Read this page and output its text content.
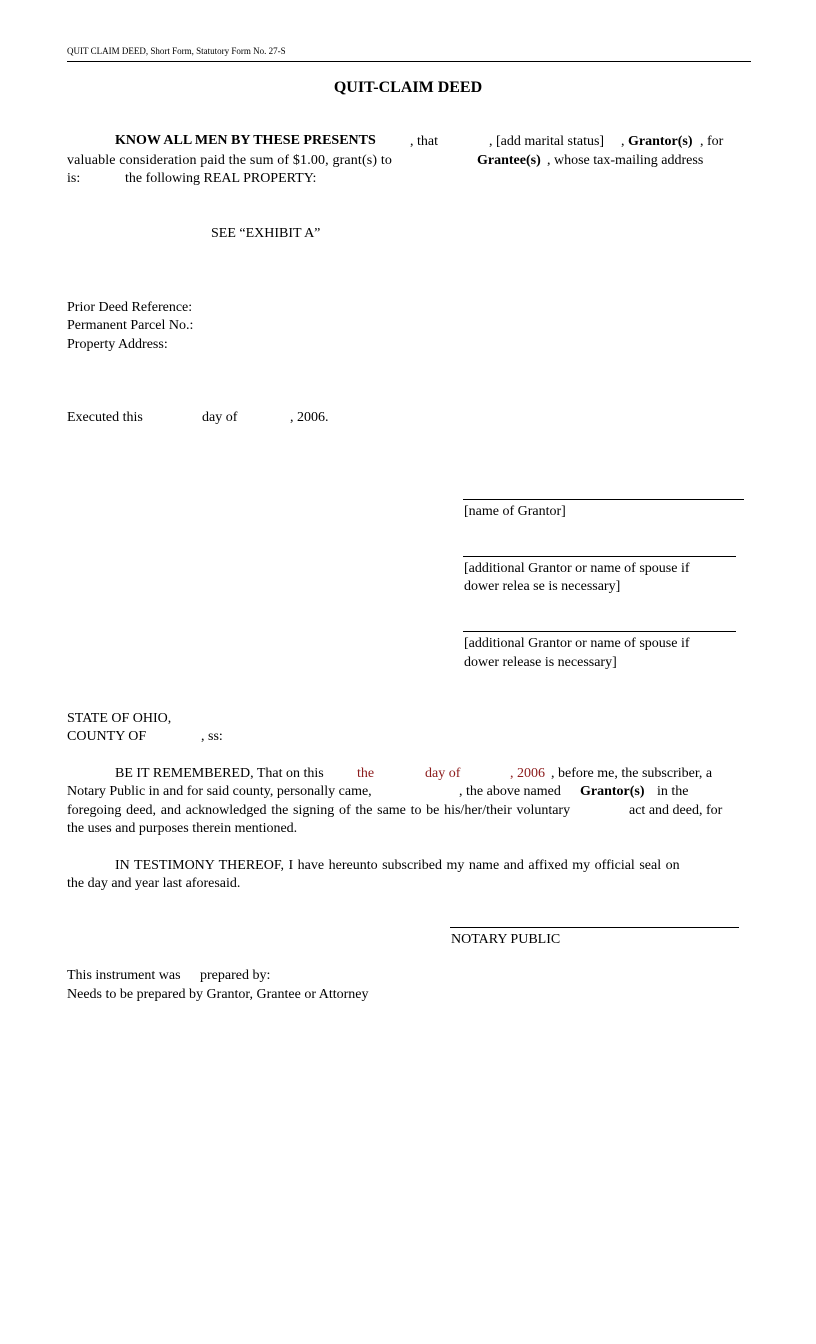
QUIT CLAIM DEED, Short Form, Statutory Form No. 27-S
QUIT-CLAIM DEED
KNOW ALL MEN BY THESE PRESENTS , that	, [add marital status] , Grantor(s) , for
valuable consideration paid the sum of $1.00, grant(s) to	Grantee(s) , whose tax-mailing address
is:	the following REAL PROPERTY:
SEE “EXHIBIT A”
Prior Deed Reference:
Permanent Parcel No.:
Property Address:
Executed this	day of	, 2006.
[name of Grantor]
[additional Grantor or name of spouse if
dower relea se is necessary]
[additional Grantor or name of spouse if
dower release is necessary]
STATE OF OHIO,
COUNTY OF	, ss:
BE IT REMEMBERED, That on this the	day of	, 2006 , before me, the subscriber, a
Notary Public in and for said county, personally came,	, the above named Grantor(s) in the
foregoing deed, and acknowledged the signing of the same to be his/her/their voluntary	act and deed, for
the uses and purposes therein mentioned.
IN TESTIMONY THEREOF, I have hereunto subscribed my name and affixed my official seal on
the day and year last aforesaid.
NOTARY PUBLIC
This instrument was prepared by:
Needs to be prepared by Grantor, Grantee or Attorney
